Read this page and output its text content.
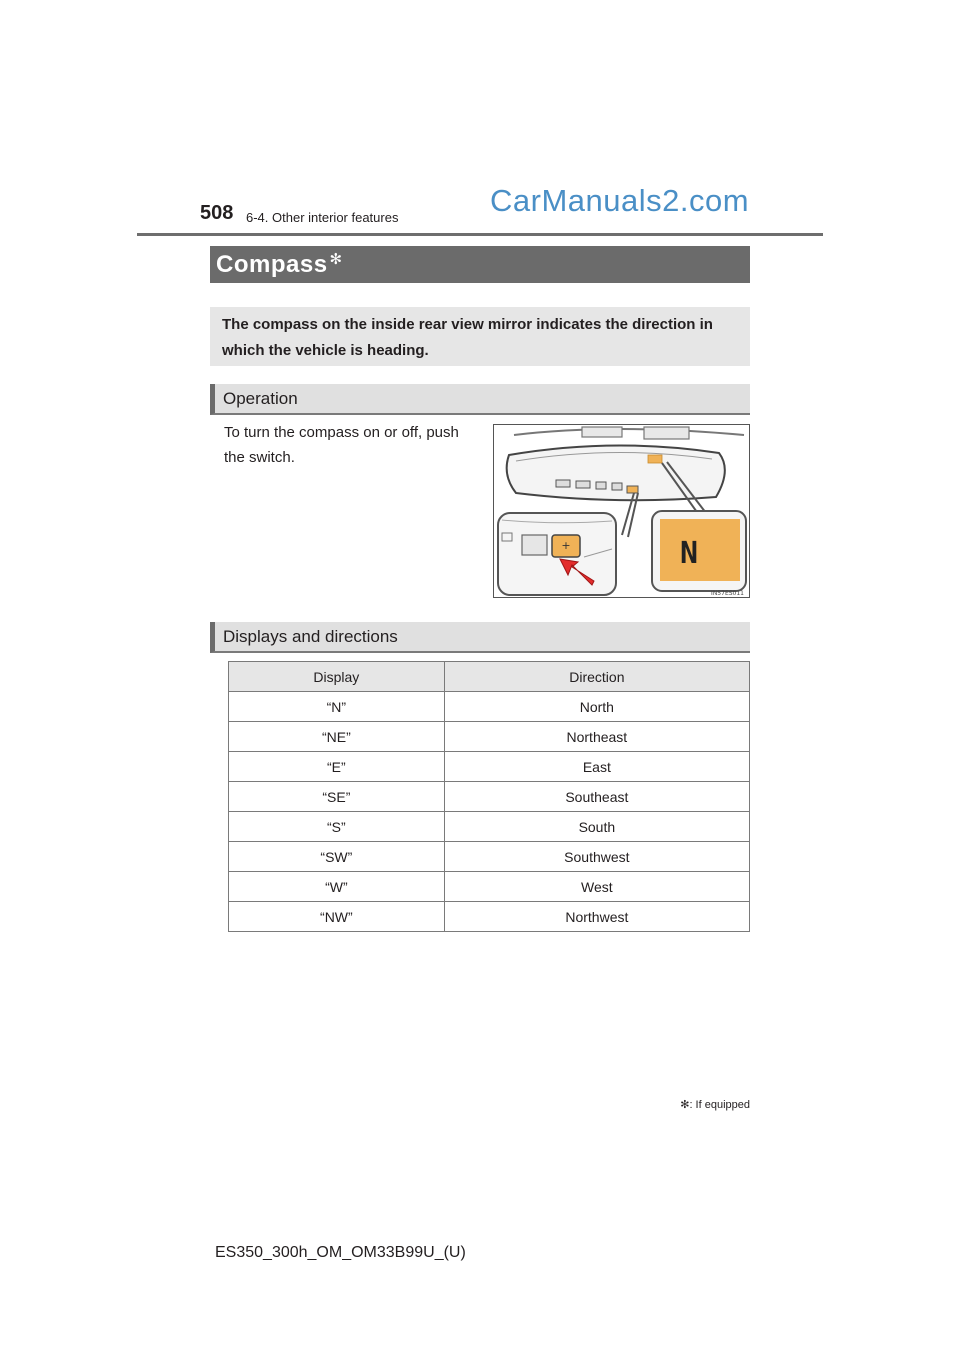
508 6-4. Other interior features	CarManuals2.com
Compass ✻
The compass on the inside rear view mirror indicates the direction in
which the vehicle is heading.
Operation
To turn the compass on or off, push
the switch.
+	N
IN57ES011
Displays and directions
Display	Direction
“N”	North
“NE”	Northeast
“E”	East
“SE”	Southeast
“S”	South
“SW”	Southwest
“W”	West
“NW”	Northwest
✻: If equipped
ES350_300h_OM_OM33B99U_(U)
